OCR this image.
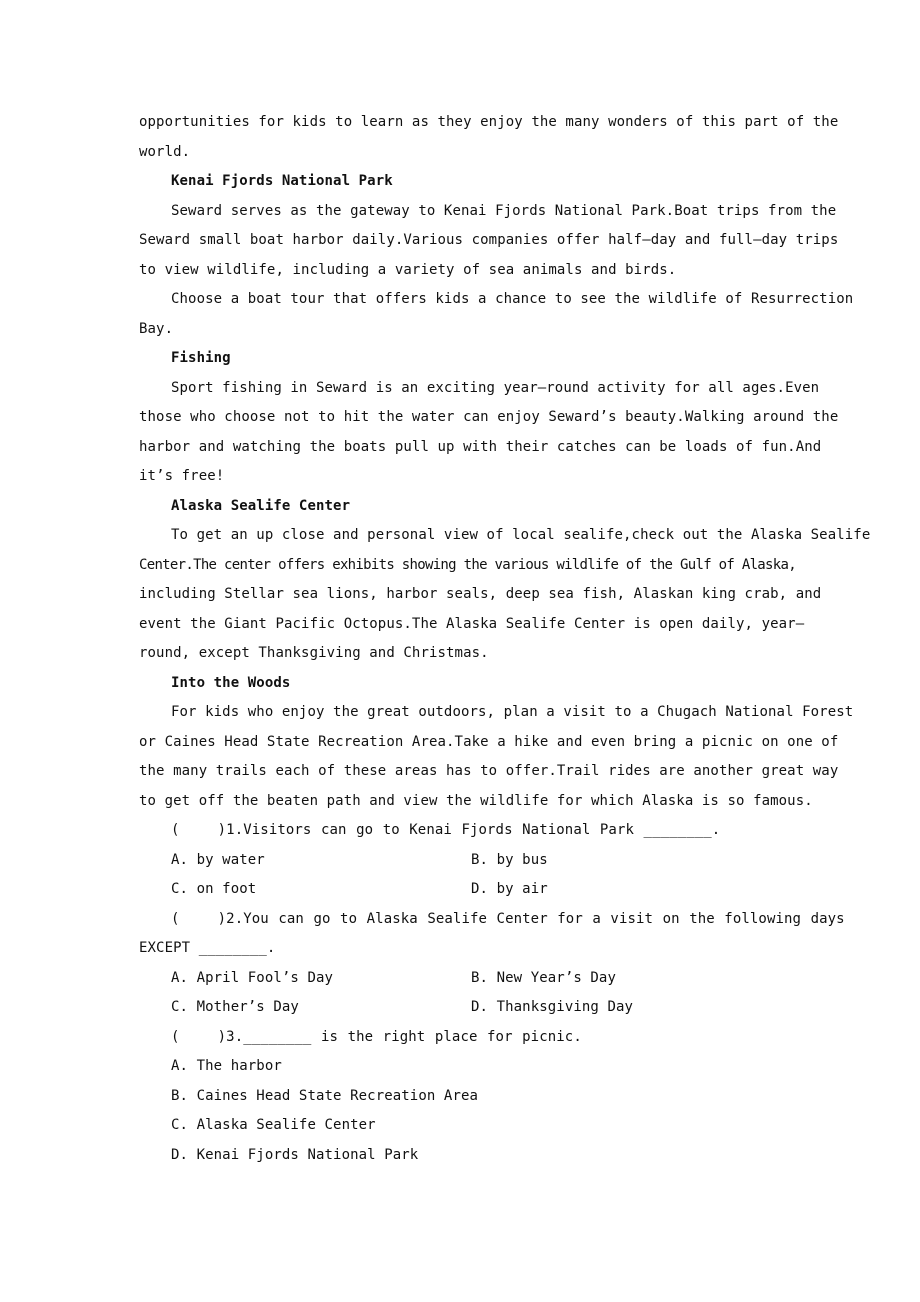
opportunities for kids to learn as they enjoy the many wonders of this part of the
world.
Kenai Fjords National Park
Seward serves as the gateway to Kenai Fjords National Park.Boat trips from the
Seward small boat harbor daily.Various companies offer half—day and full—day trips
to view wildlife, including a variety of sea animals and birds.
Choose a boat tour that offers kids a chance to see the wildlife of Resurrection
Bay.
Fishing
Sport fishing in Seward is an exciting year—round activity for all ages.Even
those who choose not to hit the water can enjoy Seward’s beauty.Walking around the
harbor and watching the boats pull up with their catches can be loads of fun.And
it’s free!
Alaska Sealife Center
To get an up close and personal view of local sealife,check out the Alaska Sealife
Center.The center offers exhibits showing the various wildlife of the Gulf of Alaska,
including Stellar sea lions, harbor seals, deep sea fish, Alaskan king crab, and
event the Giant Pacific Octopus.The Alaska Sealife Center is open daily, year—
round, except Thanksgiving and Christmas.
Into the Woods
For kids who enjoy the great outdoors, plan a visit to a Chugach National Forest
or Caines Head State Recreation Area.Take a hike and even bring a picnic on one of
the many trails each of these areas has to offer.Trail rides are another great way
to get off the beaten path and view the wildlife for which Alaska is so famous.
(    )1.Visitors can go to Kenai Fjords National Park ________.
A. by water	B. by bus
C. on foot	D. by air
(    )2.You can go to Alaska Sealife Center for a visit on the following days
EXCEPT ________.
A. April Fool’s Day	B. New Year’s Day
C. Mother’s Day	D. Thanksgiving Day
(    )3.________ is the right place for picnic.
A. The harbor
B. Caines Head State Recreation Area
C. Alaska Sealife Center
D. Kenai Fjords National Park
